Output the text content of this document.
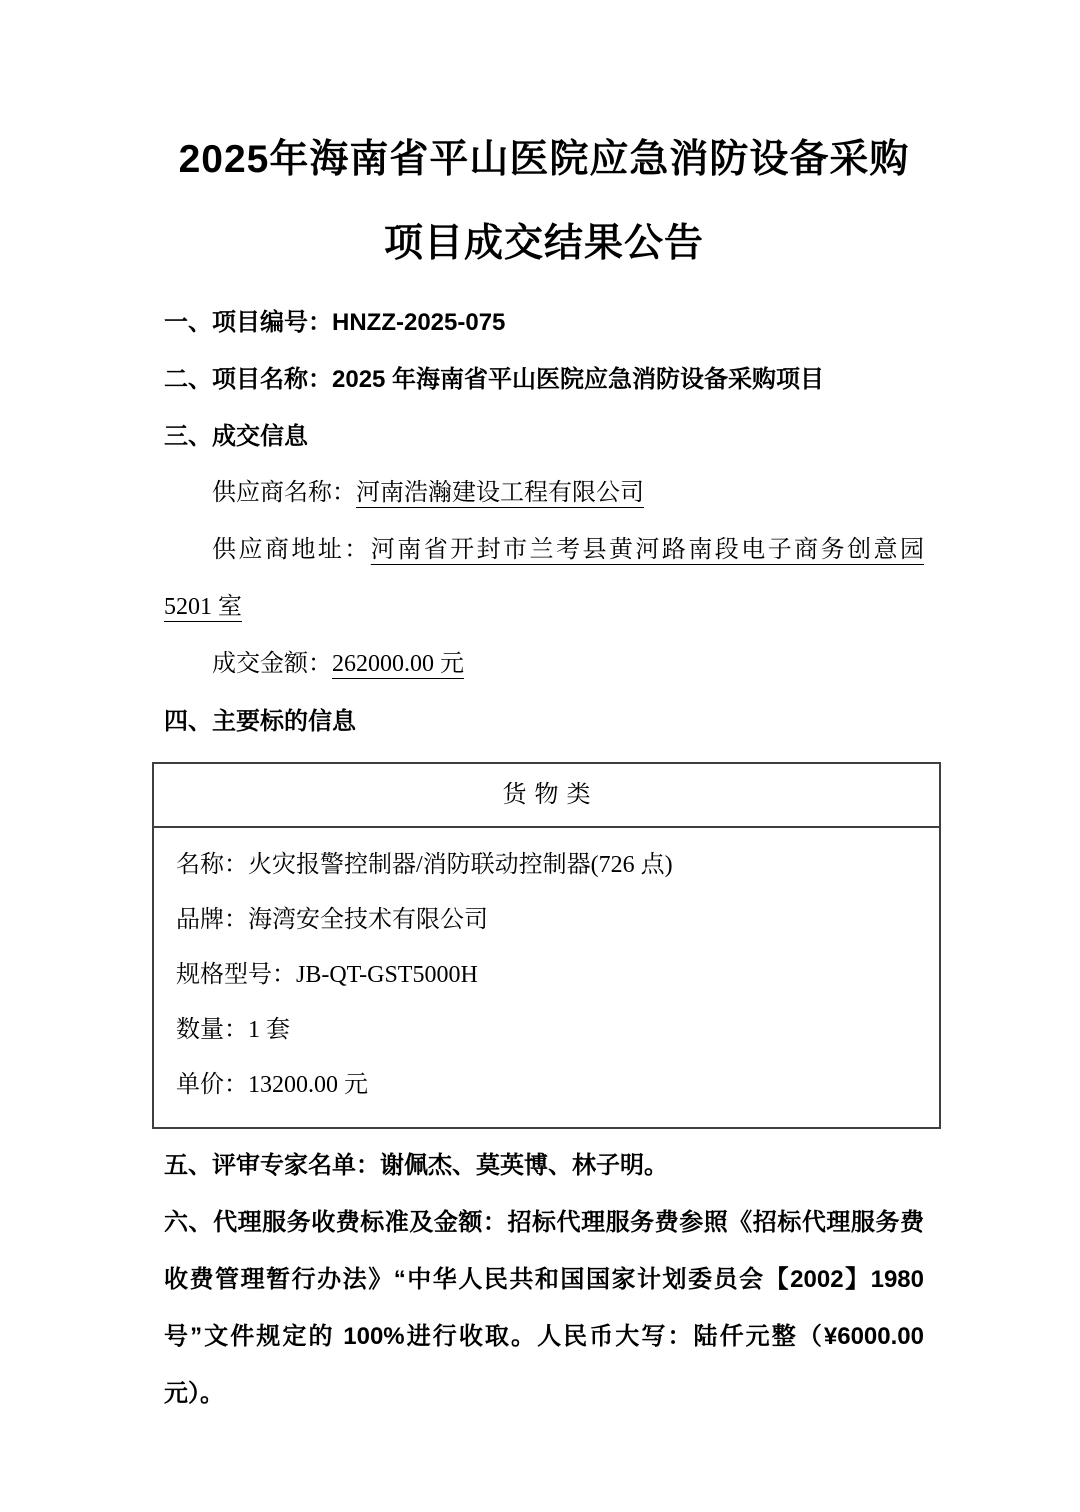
2025年海南省平山医院应急消防设备采购
项目成交结果公告
一、项目编号：HNZZ-2025-075
二、项目名称：2025 年海南省平山医院应急消防设备采购项目
三、成交信息
供应商名称：河南浩瀚建设工程有限公司
供应商地址：河南省开封市兰考县黄河路南段电子商务创意园
5201 室
成交金额：262000.00 元
四、主要标的信息
货物类
名称：火灾报警控制器/消防联动控制器(726 点)
品牌：海湾安全技术有限公司
规格型号：JB-QT-GST5000H
数量：1 套
单价：13200.00 元
五、评审专家名单：谢佩杰、莫英博、林子明。
六、代理服务收费标准及金额：招标代理服务费参照《招标代理服务费收费管理暂行办法》“中华人民共和国国家计划委员会【2002】1980号”文件规定的 100%进行收取。人民币大写：陆仟元整（¥6000.00 元）。
